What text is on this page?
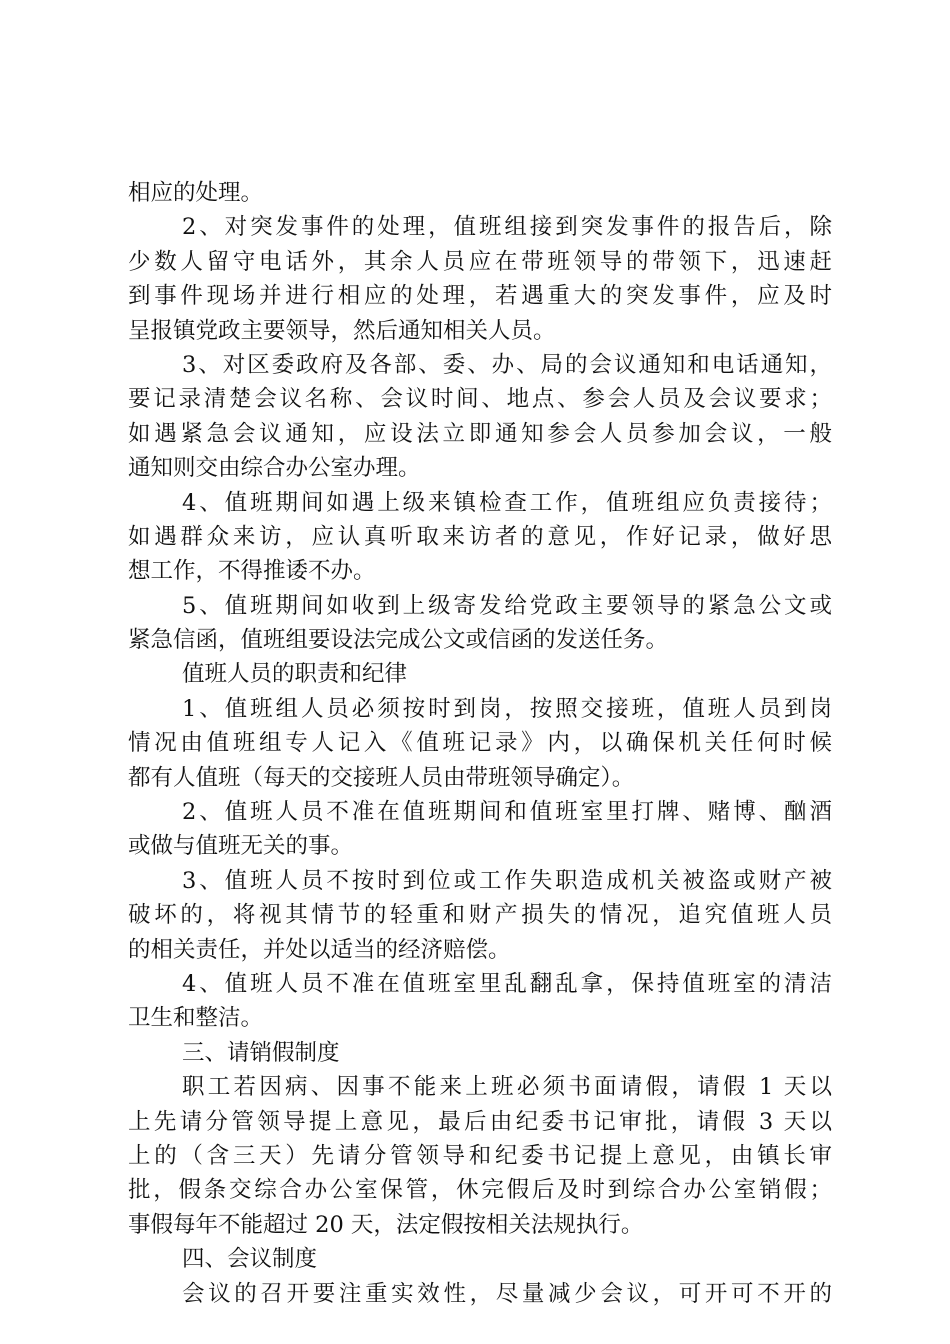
相应的处理。
2、对突发事件的处理，值班组接到突发事件的报告后，除
少数人留守电话外，其余人员应在带班领导的带领下，迅速赶
到事件现场并进行相应的处理，若遇重大的突发事件，应及时
呈报镇党政主要领导，然后通知相关人员。
3、对区委政府及各部、委、办、局的会议通知和电话通知，
要记录清楚会议名称、会议时间、地点、参会人员及会议要求；
如遇紧急会议通知，应设法立即通知参会人员参加会议，一般
通知则交由综合办公室办理。
4、值班期间如遇上级来镇检查工作，值班组应负责接待；
如遇群众来访，应认真听取来访者的意见，作好记录，做好思
想工作，不得推诿不办。
5、值班期间如收到上级寄发给党政主要领导的紧急公文或
紧急信函，值班组要设法完成公文或信函的发送任务。
值班人员的职责和纪律
1、值班组人员必须按时到岗，按照交接班，值班人员到岗
情况由值班组专人记入《值班记录》内，以确保机关任何时候
都有人值班（每天的交接班人员由带班领导确定）。
2、值班人员不准在值班期间和值班室里打牌、赌博、酗酒
或做与值班无关的事。
3、值班人员不按时到位或工作失职造成机关被盗或财产被
破坏的，将视其情节的轻重和财产损失的情况，追究值班人员
的相关责任，并处以适当的经济赔偿。
4、值班人员不准在值班室里乱翻乱拿，保持值班室的清洁
卫生和整洁。
三、请销假制度
职工若因病、因事不能来上班必须书面请假，请假 1 天以
上先请分管领导提上意见，最后由纪委书记审批，请假 3 天以
上的（含三天）先请分管领导和纪委书记提上意见，由镇长审
批，假条交综合办公室保管，休完假后及时到综合办公室销假；
事假每年不能超过 20 天，法定假按相关法规执行。
四、会议制度
会议的召开要注重实效性，尽量减少会议，可开可不开的
